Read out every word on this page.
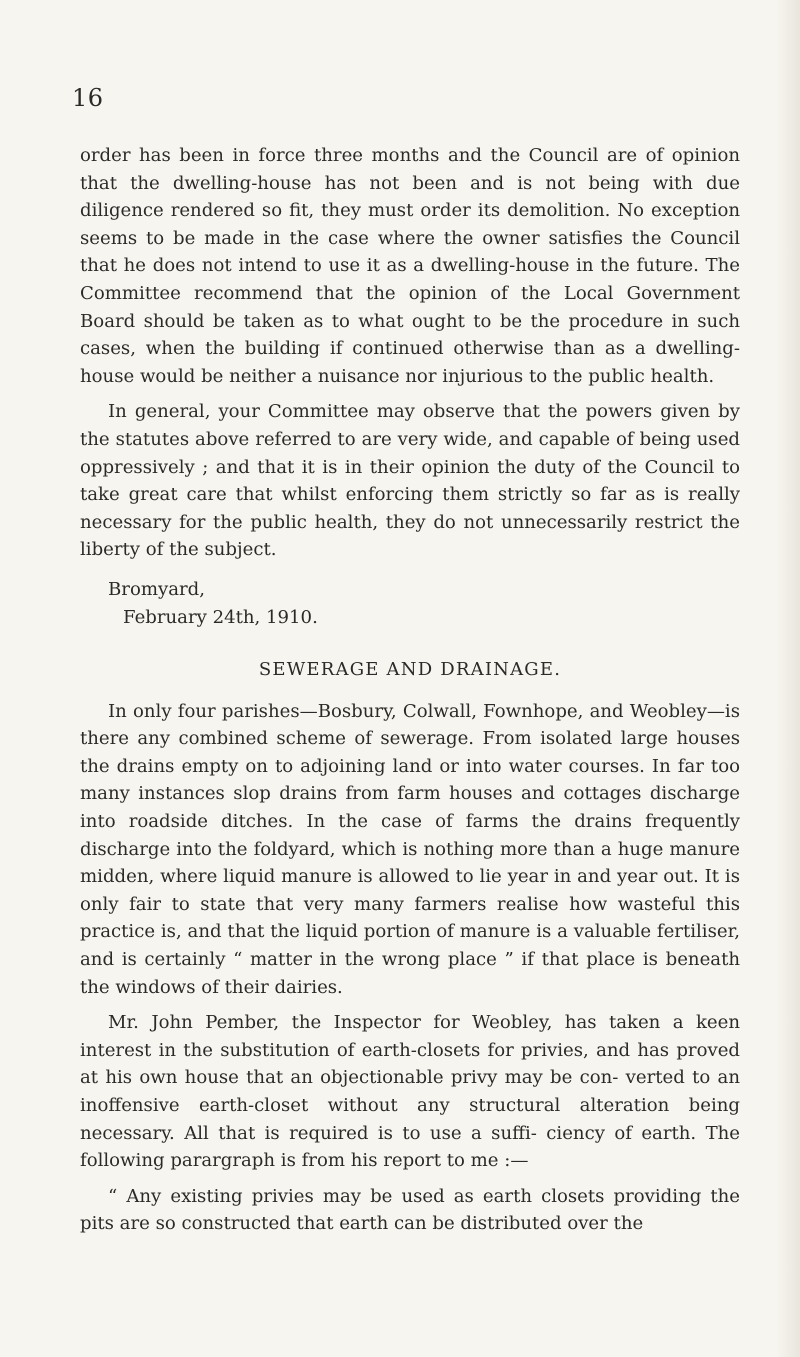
16

order has been in force three months and the Council are of opinion that the dwelling-house has not been and is not being with due diligence rendered so fit, they must order its demolition. No exception seems to be made in the case where the owner satisfies the Council that he does not intend to use it as a dwelling-house in the future. The Committee recommend that the opinion of the Local Government Board should be taken as to what ought to be the procedure in such cases, when the building if continued otherwise than as a dwelling-house would be neither a nuisance nor injurious to the public health.

In general, your Committee may observe that the powers given by the statutes above referred to are very wide, and capable of being used oppressively ; and that it is in their opinion the duty of the Council to take great care that whilst enforcing them strictly so far as is really necessary for the public health, they do not unnecessarily restrict the liberty of the subject.

Bromyard,
February 24th, 1910.
SEWERAGE AND DRAINAGE.

In only four parishes—Bosbury, Colwall, Fownhope, and Weobley—is there any combined scheme of sewerage. From isolated large houses the drains empty on to adjoining land or into water courses. In far too many instances slop drains from farm houses and cottages discharge into roadside ditches. In the case of farms the drains frequently discharge into the foldyard, which is nothing more than a huge manure midden, where liquid manure is allowed to lie year in and year out. It is only fair to state that very many farmers realise how wasteful this practice is, and that the liquid portion of manure is a valuable fertiliser, and is certainly “ matter in the wrong place ” if that place is beneath the windows of their dairies.

Mr. John Pember, the Inspector for Weobley, has taken a keen interest in the substitution of earth-closets for privies, and has proved at his own house that an objectionable privy may be con- verted to an inoffensive earth-closet without any structural alteration being necessary. All that is required is to use a suffi- ciency of earth. The following parargraph is from his report to me :—

“ Any existing privies may be used as earth closets providing the pits are so constructed that earth can be distributed over the
